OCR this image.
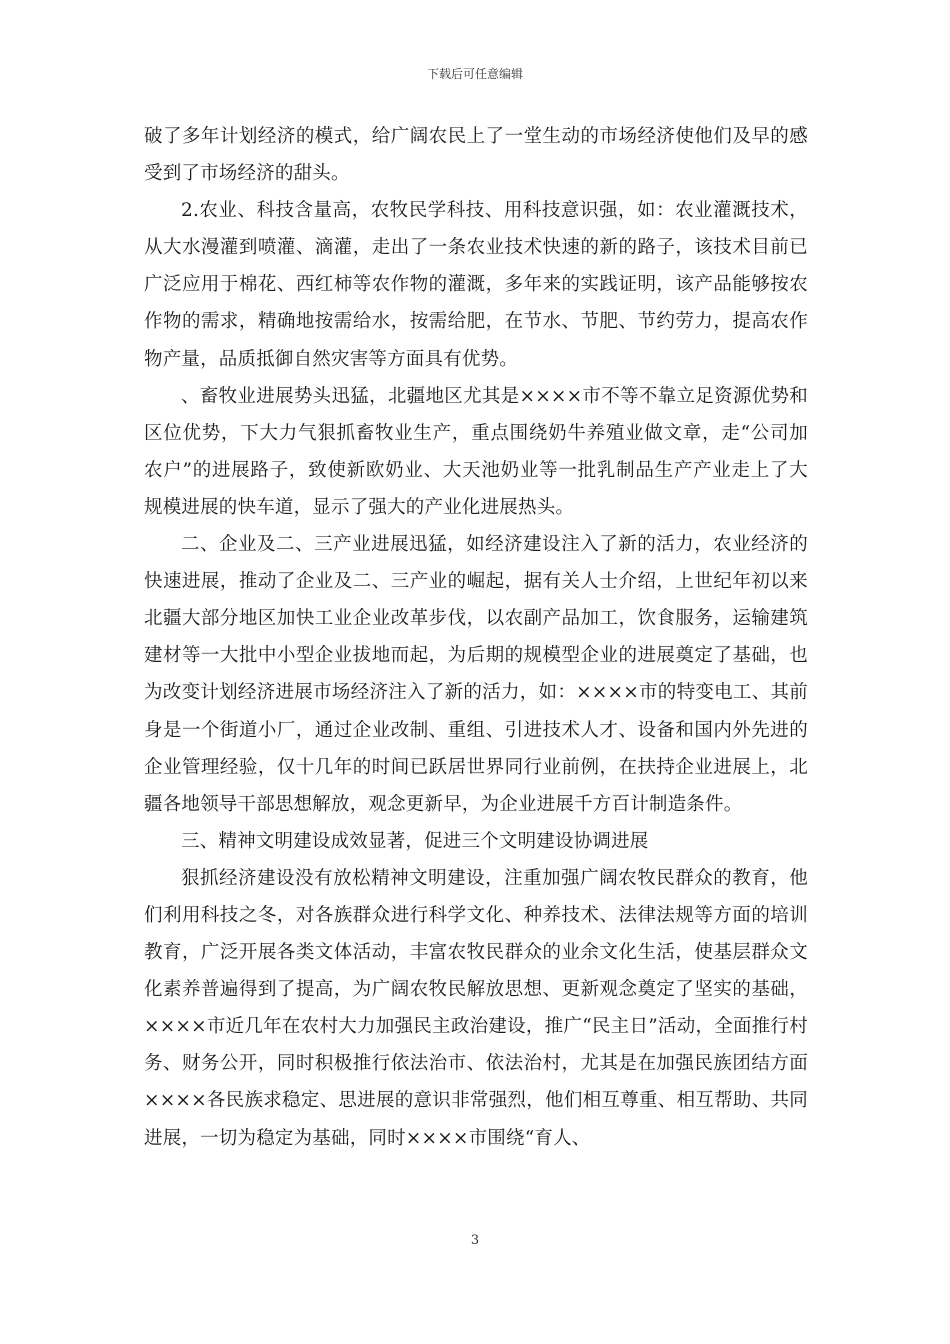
下载后可任意编辑

破了多年计划经济的模式，给广阔农民上了一堂生动的市场经济使他们及早的感受到了市场经济的甜头。

2.农业、科技含量高，农牧民学科技、用科技意识强，如：农业灌溉技术，从大水漫灌到喷灌、滴灌，走出了一条农业技术快速的新的路子，该技术目前已广泛应用于棉花、西红柿等农作物的灌溉，多年来的实践证明，该产品能够按农作物的需求，精确地按需给水，按需给肥，在节水、节肥、节约劳力，提高农作物产量，品质抵御自然灾害等方面具有优势。

、畜牧业进展势头迅猛，北疆地区尤其是××××市不等不靠立足资源优势和区位优势，下大力气狠抓畜牧业生产，重点围绕奶牛养殖业做文章，走“公司加农户”的进展路子，致使新欧奶业、大天池奶业等一批乳制品生产产业走上了大规模进展的快车道，显示了强大的产业化进展热头。

二、企业及二、三产业进展迅猛，如经济建设注入了新的活力，农业经济的快速进展，推动了企业及二、三产业的崛起，据有关人士介绍，上世纪年初以来北疆大部分地区加快工业企业改革步伐，以农副产品加工，饮食服务，运输建筑建材等一大批中小型企业拔地而起，为后期的规模型企业的进展奠定了基础，也为改变计划经济进展市场经济注入了新的活力，如：××××市的特变电工、其前身是一个街道小厂，通过企业改制、重组、引进技术人才、设备和国内外先进的企业管理经验，仅十几年的时间已跃居世界同行业前例，在扶持企业进展上，北疆各地领导干部思想解放，观念更新早，为企业进展千方百计制造条件。

三、精神文明建设成效显著，促进三个文明建设协调进展

狠抓经济建设没有放松精神文明建设，注重加强广阔农牧民群众的教育，他们利用科技之冬，对各族群众进行科学文化、种养技术、法律法规等方面的培训教育，广泛开展各类文体活动，丰富农牧民群众的业余文化生活，使基层群众文化素养普遍得到了提高，为广阔农牧民解放思想、更新观念奠定了坚实的基础，××××市近几年在农村大力加强民主政治建设，推广“民主日”活动，全面推行村务、财务公开，同时积极推行依法治市、依法治村，尤其是在加强民族团结方面××××各民族求稳定、思进展的意识非常强烈，他们相互尊重、相互帮助、共同进展，一切为稳定为基础，同时××××市围绕“育人、

3
